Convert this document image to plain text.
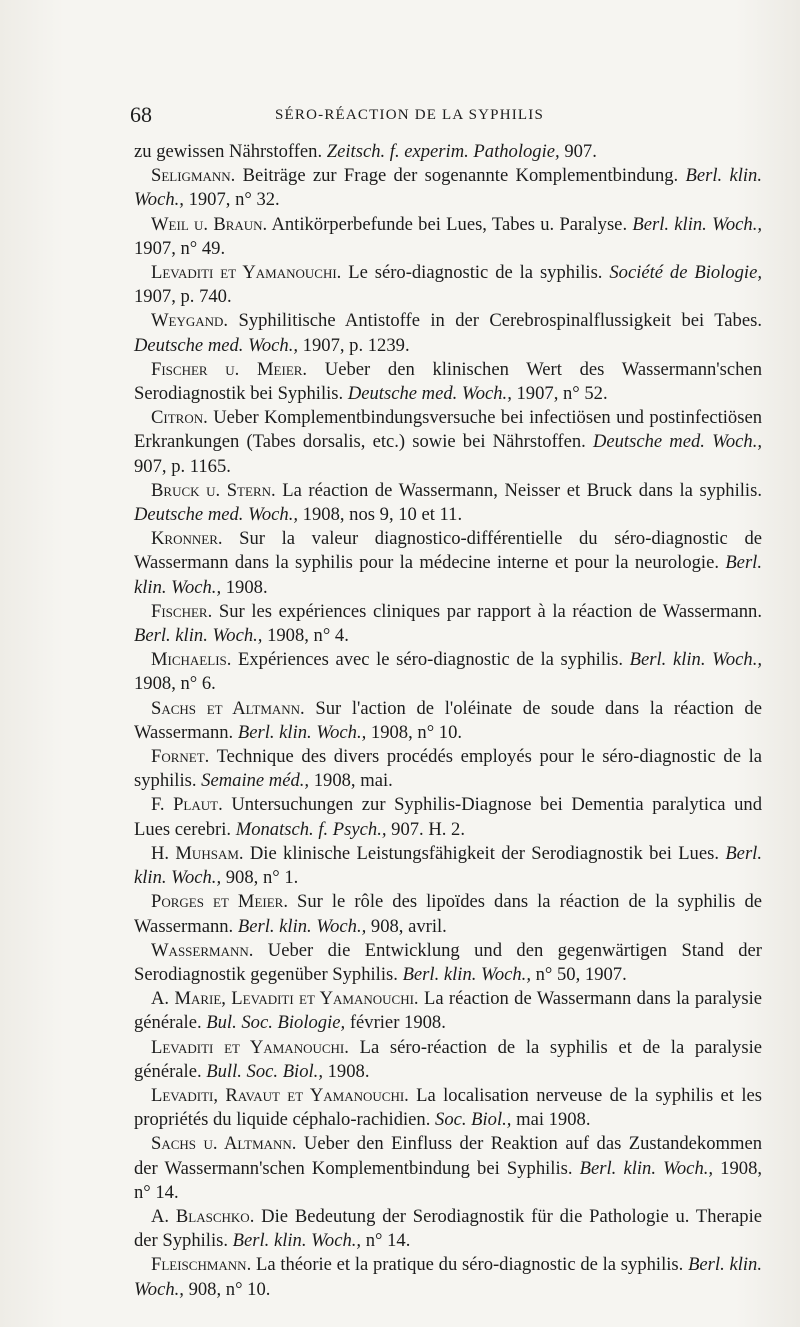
68	SÉRO-RÉACTION DE LA SYPHILIS

zu gewissen Nährstoffen. Zeitsch. f. experim. Pathologie, 907.

Seligmann. Beiträge zur Frage der sogenannte Komplementbindung. Berl. klin. Woch., 1907, n° 32.

Weil u. Braun. Antikörperbefunde bei Lues, Tabes u. Paralyse. Berl. klin. Woch., 1907, n° 49.

Levaditi et Yamanouchi. Le séro-diagnostic de la syphilis. Société de Biologie, 1907, p. 740.

Weygand. Syphilitische Antistoffe in der Cerebrospinalflussigkeit bei Tabes. Deutsche med. Woch., 1907, p. 1239.

Fischer u. Meier. Ueber den klinischen Wert des Wassermann'schen Serodiagnostik bei Syphilis. Deutsche med. Woch., 1907, n° 52.

Citron. Ueber Komplementbindungsversuche bei infectiösen und postinfectiösen Erkrankungen (Tabes dorsalis, etc.) sowie bei Nährstoffen. Deutsche med. Woch., 907, p. 1165.

Bruck u. Stern. La réaction de Wassermann, Neisser et Bruck dans la syphilis. Deutsche med. Woch., 1908, nos 9, 10 et 11.

Kronner. Sur la valeur diagnostico-différentielle du séro-diagnostic de Wassermann dans la syphilis pour la médecine interne et pour la neurologie. Berl. klin. Woch., 1908.

Fischer. Sur les expériences cliniques par rapport à la réaction de Wassermann. Berl. klin. Woch., 1908, n° 4.

Michaelis. Expériences avec le séro-diagnostic de la syphilis. Berl. klin. Woch., 1908, n° 6.

Sachs et Altmann. Sur l'action de l'oléinate de soude dans la réaction de Wassermann. Berl. klin. Woch., 1908, n° 10.

Fornet. Technique des divers procédés employés pour le séro-diagnostic de la syphilis. Semaine méd., 1908, mai.

F. Plaut. Untersuchungen zur Syphilis-Diagnose bei Dementia paralytica und Lues cerebri. Monatsch. f. Psych., 907. H. 2.

H. Muhsam. Die klinische Leistungsfähigkeit der Serodiagnostik bei Lues. Berl. klin. Woch., 908, n° 1.

Porges et Meier. Sur le rôle des lipoïdes dans la réaction de la syphilis de Wassermann. Berl. klin. Woch., 908, avril.

Wassermann. Ueber die Entwicklung und den gegenwärtigen Stand der Serodiagnostik gegenüber Syphilis. Berl. klin. Woch., n° 50, 1907.

A. Marie, Levaditi et Yamanouchi. La réaction de Wassermann dans la paralysie générale. Bul. Soc. Biologie, février 1908.

Levaditi et Yamanouchi. La séro-réaction de la syphilis et de la paralysie générale. Bull. Soc. Biol., 1908.

Levaditi, Ravaut et Yamanouchi. La localisation nerveuse de la syphilis et les propriétés du liquide céphalo-rachidien. Soc. Biol., mai 1908.

Sachs u. Altmann. Ueber den Einfluss der Reaktion auf das Zustandekommen der Wassermann'schen Komplementbindung bei Syphilis. Berl. klin. Woch., 1908, n° 14.

A. Blaschko. Die Bedeutung der Serodiagnostik für die Pathologie u. Therapie der Syphilis. Berl. klin. Woch., n° 14.

Fleischmann. La théorie et la pratique du séro-diagnostic de la syphilis. Berl. klin. Woch., 908, n° 10.
